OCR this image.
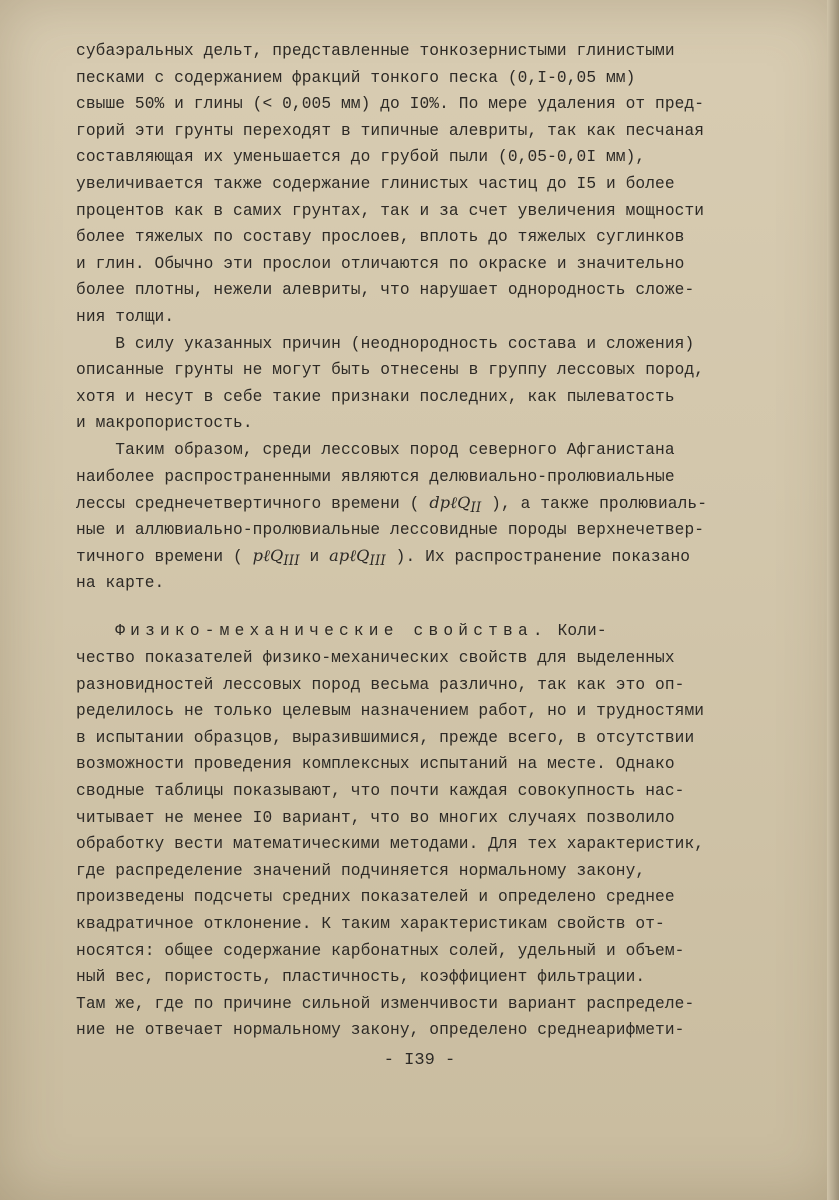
субаэральных дельт, представленные тонкозернистыми глинистыми
песками с содержанием фракций тонкого песка (0,I-0,05 мм)
свыше 50% и глины (< 0,005 мм) до I0%. По мере удаления от пред-
горий эти грунты переходят в типичные алевриты, так как песчаная
составляющая их уменьшается до грубой пыли (0,05-0,0I мм),
увеличивается также содержание глинистых частиц до I5 и более
процентов как в самих грунтах, так и за счет увеличения мощности
более тяжелых по составу прослоев, вплоть до тяжелых суглинков
и глин. Обычно эти прослои отличаются по окраске и значительно
более плотны, нежели алевриты, что нарушает однородность сложе-
ния толщи.
В силу указанных причин (неоднородность состава и сложения)
описанные грунты не могут быть отнесены в группу лессовых пород,
хотя и несут в себе такие признаки последних, как пылеватость
и макропористость.
Таким образом, среди лессовых пород северного Афганистана
наиболее распространенными являются делювиально-пролювиальные
лессы среднечетвертичного времени ( dpℓQ$_{II}$ ), а также пролювиаль-
ные и аллювиально-пролювиальные лессовидные породы верхнечетвер-
тичного времени ( pℓQ$_{III}$ и apℓQ$_{III}$ ). Их распространение показано
на карте.
Физико-механические свойства. Коли-
чество показателей физико-механических свойств для выделенных
разновидностей лессовых пород весьма различно, так как это оп-
ределилось не только целевым назначением работ, но и трудностями
в испытании образцов, выразившимися, прежде всего, в отсутствии
возможности проведения комплексных испытаний на месте. Однако
сводные таблицы показывают, что почти каждая совокупность нас-
читывает не менее I0 вариант, что во многих случаях позволило
обработку вести математическими методами. Для тех характеристик,
где распределение значений подчиняется нормальному закону,
произведены подсчеты средних показателей и определено среднее
квадратичное отклонение. К таким характеристикам свойств от-
носятся: общее содержание карбонатных солей, удельный и объем-
ный вес, пористость, пластичность, коэффициент фильтрации.
Там же, где по причине сильной изменчивости вариант распределе-
ние не отвечает нормальному закону, определено среднеарифмети-
- I39 -
